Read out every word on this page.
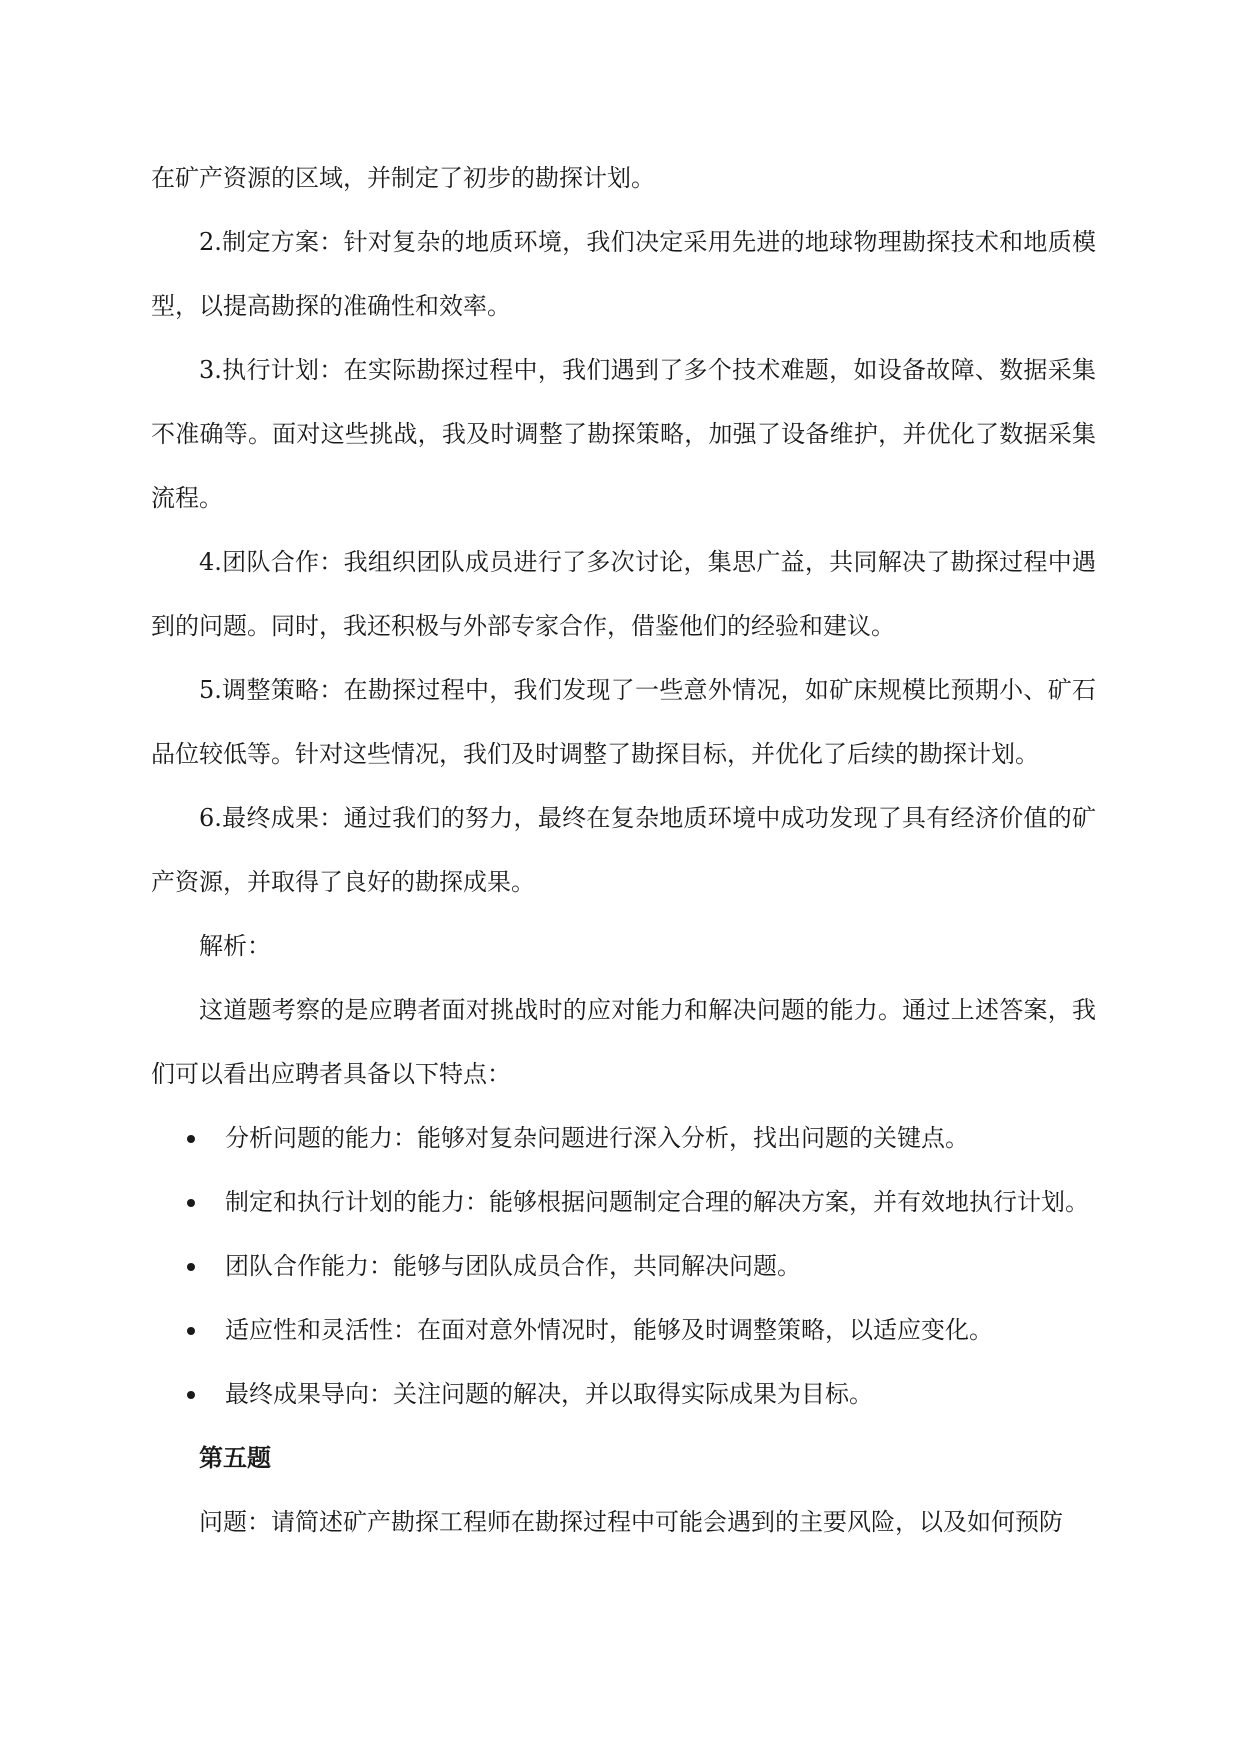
在矿产资源的区域，并制定了初步的勘探计划。

2.制定方案：针对复杂的地质环境，我们决定采用先进的地球物理勘探技术和地质模型，以提高勘探的准确性和效率。

3.执行计划：在实际勘探过程中，我们遇到了多个技术难题，如设备故障、数据采集不准确等。面对这些挑战，我及时调整了勘探策略，加强了设备维护，并优化了数据采集流程。

4.团队合作：我组织团队成员进行了多次讨论，集思广益，共同解决了勘探过程中遇到的问题。同时，我还积极与外部专家合作，借鉴他们的经验和建议。

5.调整策略：在勘探过程中，我们发现了一些意外情况，如矿床规模比预期小、矿石品位较低等。针对这些情况，我们及时调整了勘探目标，并优化了后续的勘探计划。

6.最终成果：通过我们的努力，最终在复杂地质环境中成功发现了具有经济价值的矿产资源，并取得了良好的勘探成果。

解析：

这道题考察的是应聘者面对挑战时的应对能力和解决问题的能力。通过上述答案，我们可以看出应聘者具备以下特点：

分析问题的能力：能够对复杂问题进行深入分析，找出问题的关键点。
制定和执行计划的能力：能够根据问题制定合理的解决方案，并有效地执行计划。
团队合作能力：能够与团队成员合作，共同解决问题。
适应性和灵活性：在面对意外情况时，能够及时调整策略，以适应变化。
最终成果导向：关注问题的解决，并以取得实际成果为目标。

第五题

问题：请简述矿产勘探工程师在勘探过程中可能会遇到的主要风险，以及如何预防
